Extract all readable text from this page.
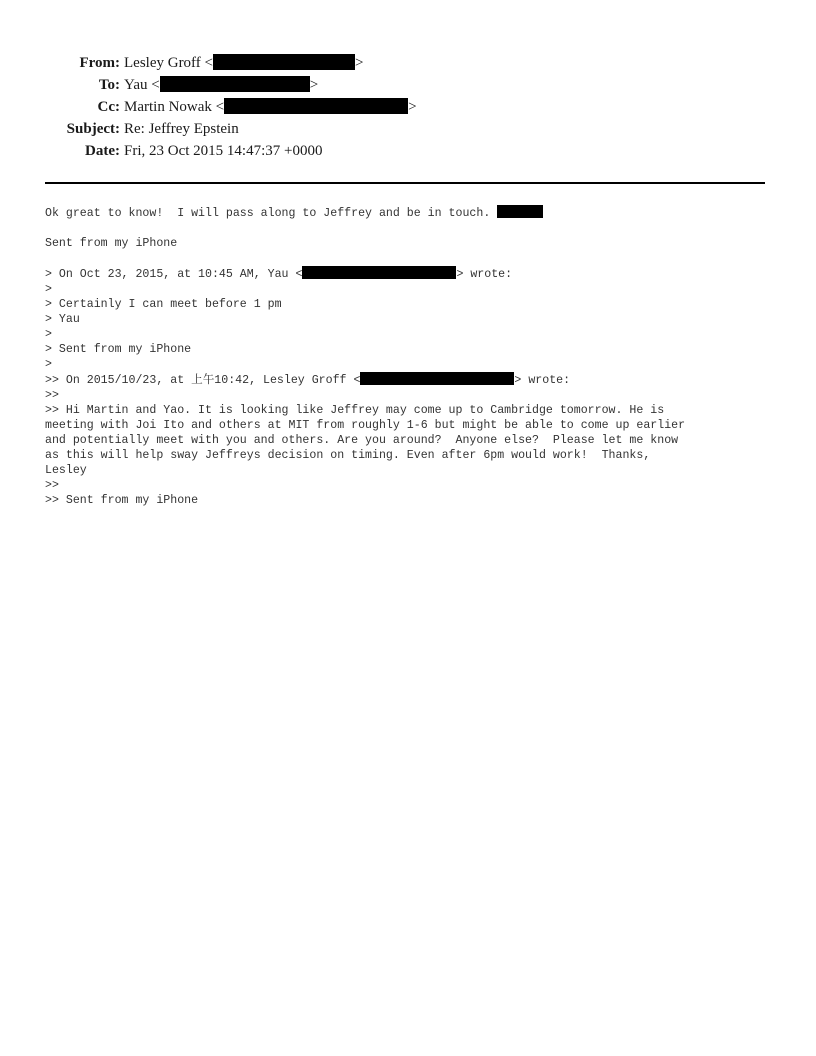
From: Lesley Groff <	>
To: Yau <	>
Cc: Martin Nowak <	>
Subject: Re: Jeffrey Epstein
Date: Fri, 23 Oct 2015 14:47:37 +0000
Ok great to know!  I will pass along to Jeffrey and be in touch.
Sent from my iPhone
> On Oct 23, 2015, at 10:45 AM, Yau <	> wrote:
>
> Certainly I can meet before 1 pm
> Yau
>
> Sent from my iPhone
>
>> On 2015/10/23, at 上午10:42, Lesley Groff <	> wrote:
>>
>> Hi Martin and Yao. It is looking like Jeffrey may come up to Cambridge tomorrow. He is
meeting with Joi Ito and others at MIT from roughly 1-6 but might be able to come up earlier
and potentially meet with you and others. Are you around?  Anyone else?  Please let me know
as this will help sway Jeffreys decision on timing. Even after 6pm would work!  Thanks,
Lesley
>>
>> Sent from my iPhone
